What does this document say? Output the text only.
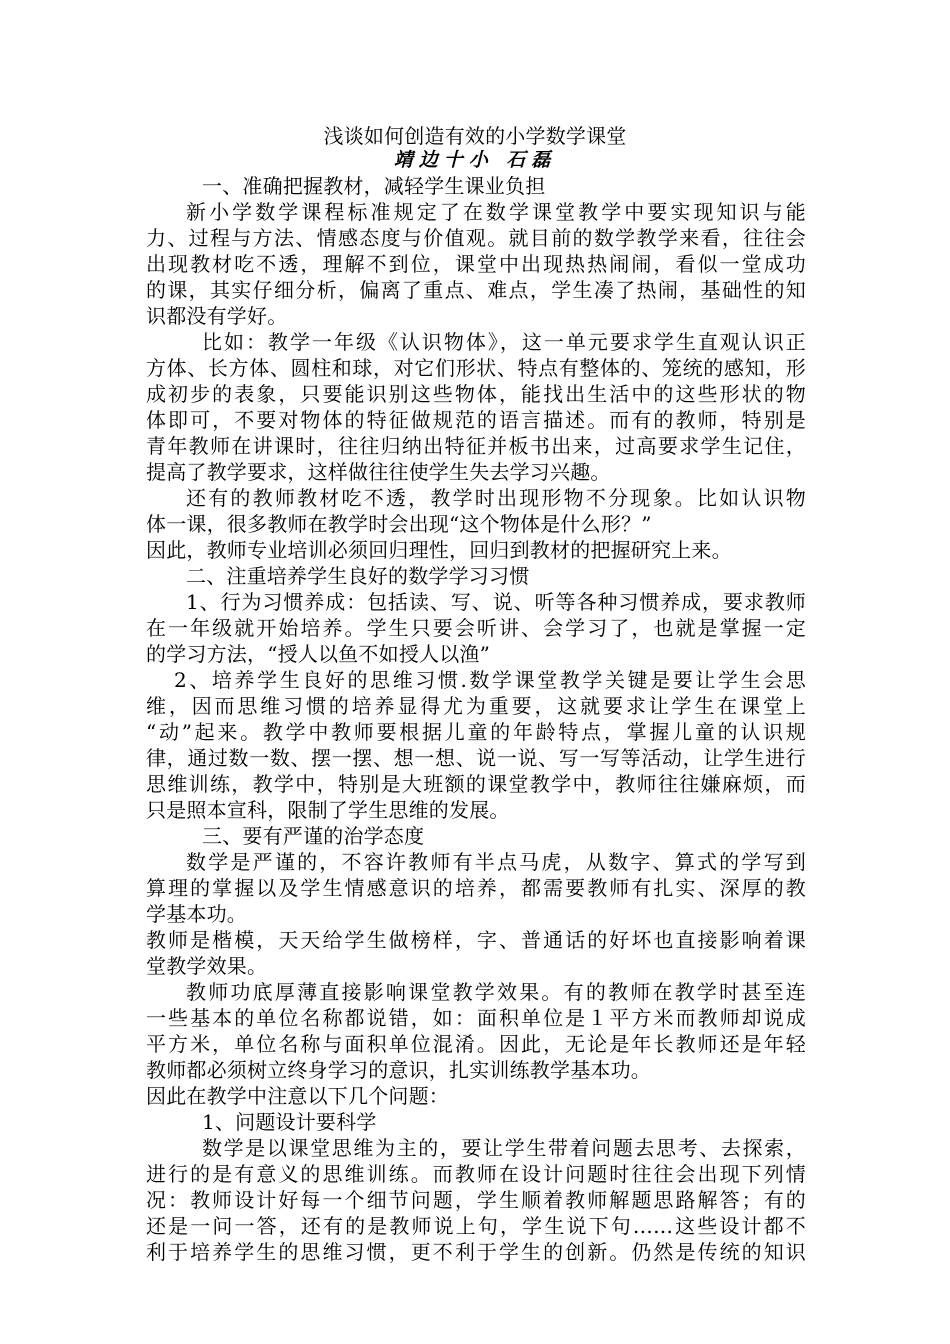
浅谈如何创造有效的小学数学课堂
靖边十小 石磊
一、准确把握教材，减轻学生课业负担
新小学数学课程标准规定了在数学课堂教学中要实现知识与能
力、过程与方法、情感态度与价值观。就目前的数学教学来看，往往会
出现教材吃不透，理解不到位，课堂中出现热热闹闹，看似一堂成功
的课，其实仔细分析，偏离了重点、难点，学生凑了热闹，基础性的知
识都没有学好。
比如：教学一年级《认识物体》，这一单元要求学生直观认识正
方体、长方体、圆柱和球，对它们形状、特点有整体的、笼统的感知，形
成初步的表象，只要能识别这些物体，能找出生活中的这些形状的物
体即可，不要对物体的特征做规范的语言描述。而有的教师，特别是
青年教师在讲课时，往往归纳出特征并板书出来，过高要求学生记住，
提高了教学要求，这样做往往使学生失去学习兴趣。
还有的教师教材吃不透，教学时出现形物不分现象。比如认识物
体一课，很多教师在教学时会出现“这个物体是什么形？”
因此，教师专业培训必须回归理性，回归到教材的把握研究上来。
二、注重培养学生良好的数学学习习惯
1、行为习惯养成：包括读、写、说、听等各种习惯养成，要求教师
在一年级就开始培养。学生只要会听讲、会学习了，也就是掌握一定
的学习方法，“授人以鱼不如授人以渔”
2、培养学生良好的思维习惯.数学课堂教学关键是要让学生会思
维，因而思维习惯的培养显得尤为重要，这就要求让学生在课堂上
“动”起来。教学中教师要根据儿童的年龄特点，掌握儿童的认识规
律，通过数一数、摆一摆、想一想、说一说、写一写等活动，让学生进行
思维训练，教学中，特别是大班额的课堂教学中，教师往往嫌麻烦，而
只是照本宣科，限制了学生思维的发展。
三、要有严谨的治学态度
数学是严谨的，不容许教师有半点马虎，从数字、算式的学写到
算理的掌握以及学生情感意识的培养，都需要教师有扎实、深厚的教
学基本功。
教师是楷模，天天给学生做榜样，字、普通话的好坏也直接影响着课
堂教学效果。
教师功底厚薄直接影响课堂教学效果。有的教师在教学时甚至连
一些基本的单位名称都说错，如：面积单位是１平方米而教师却说成
平方米，单位名称与面积单位混淆。因此，无论是年长教师还是年轻
教师都必须树立终身学习的意识，扎实训练教学基本功。
因此在教学中注意以下几个问题：
1、问题设计要科学
数学是以课堂思维为主的，要让学生带着问题去思考、去探索，
进行的是有意义的思维训练。而教师在设计问题时往往会出现下列情
况：教师设计好每一个细节问题，学生顺着教师解题思路解答；有的
还是一问一答，还有的是教师说上句，学生说下句……这些设计都不
利于培养学生的思维习惯，更不利于学生的创新。仍然是传统的知识
